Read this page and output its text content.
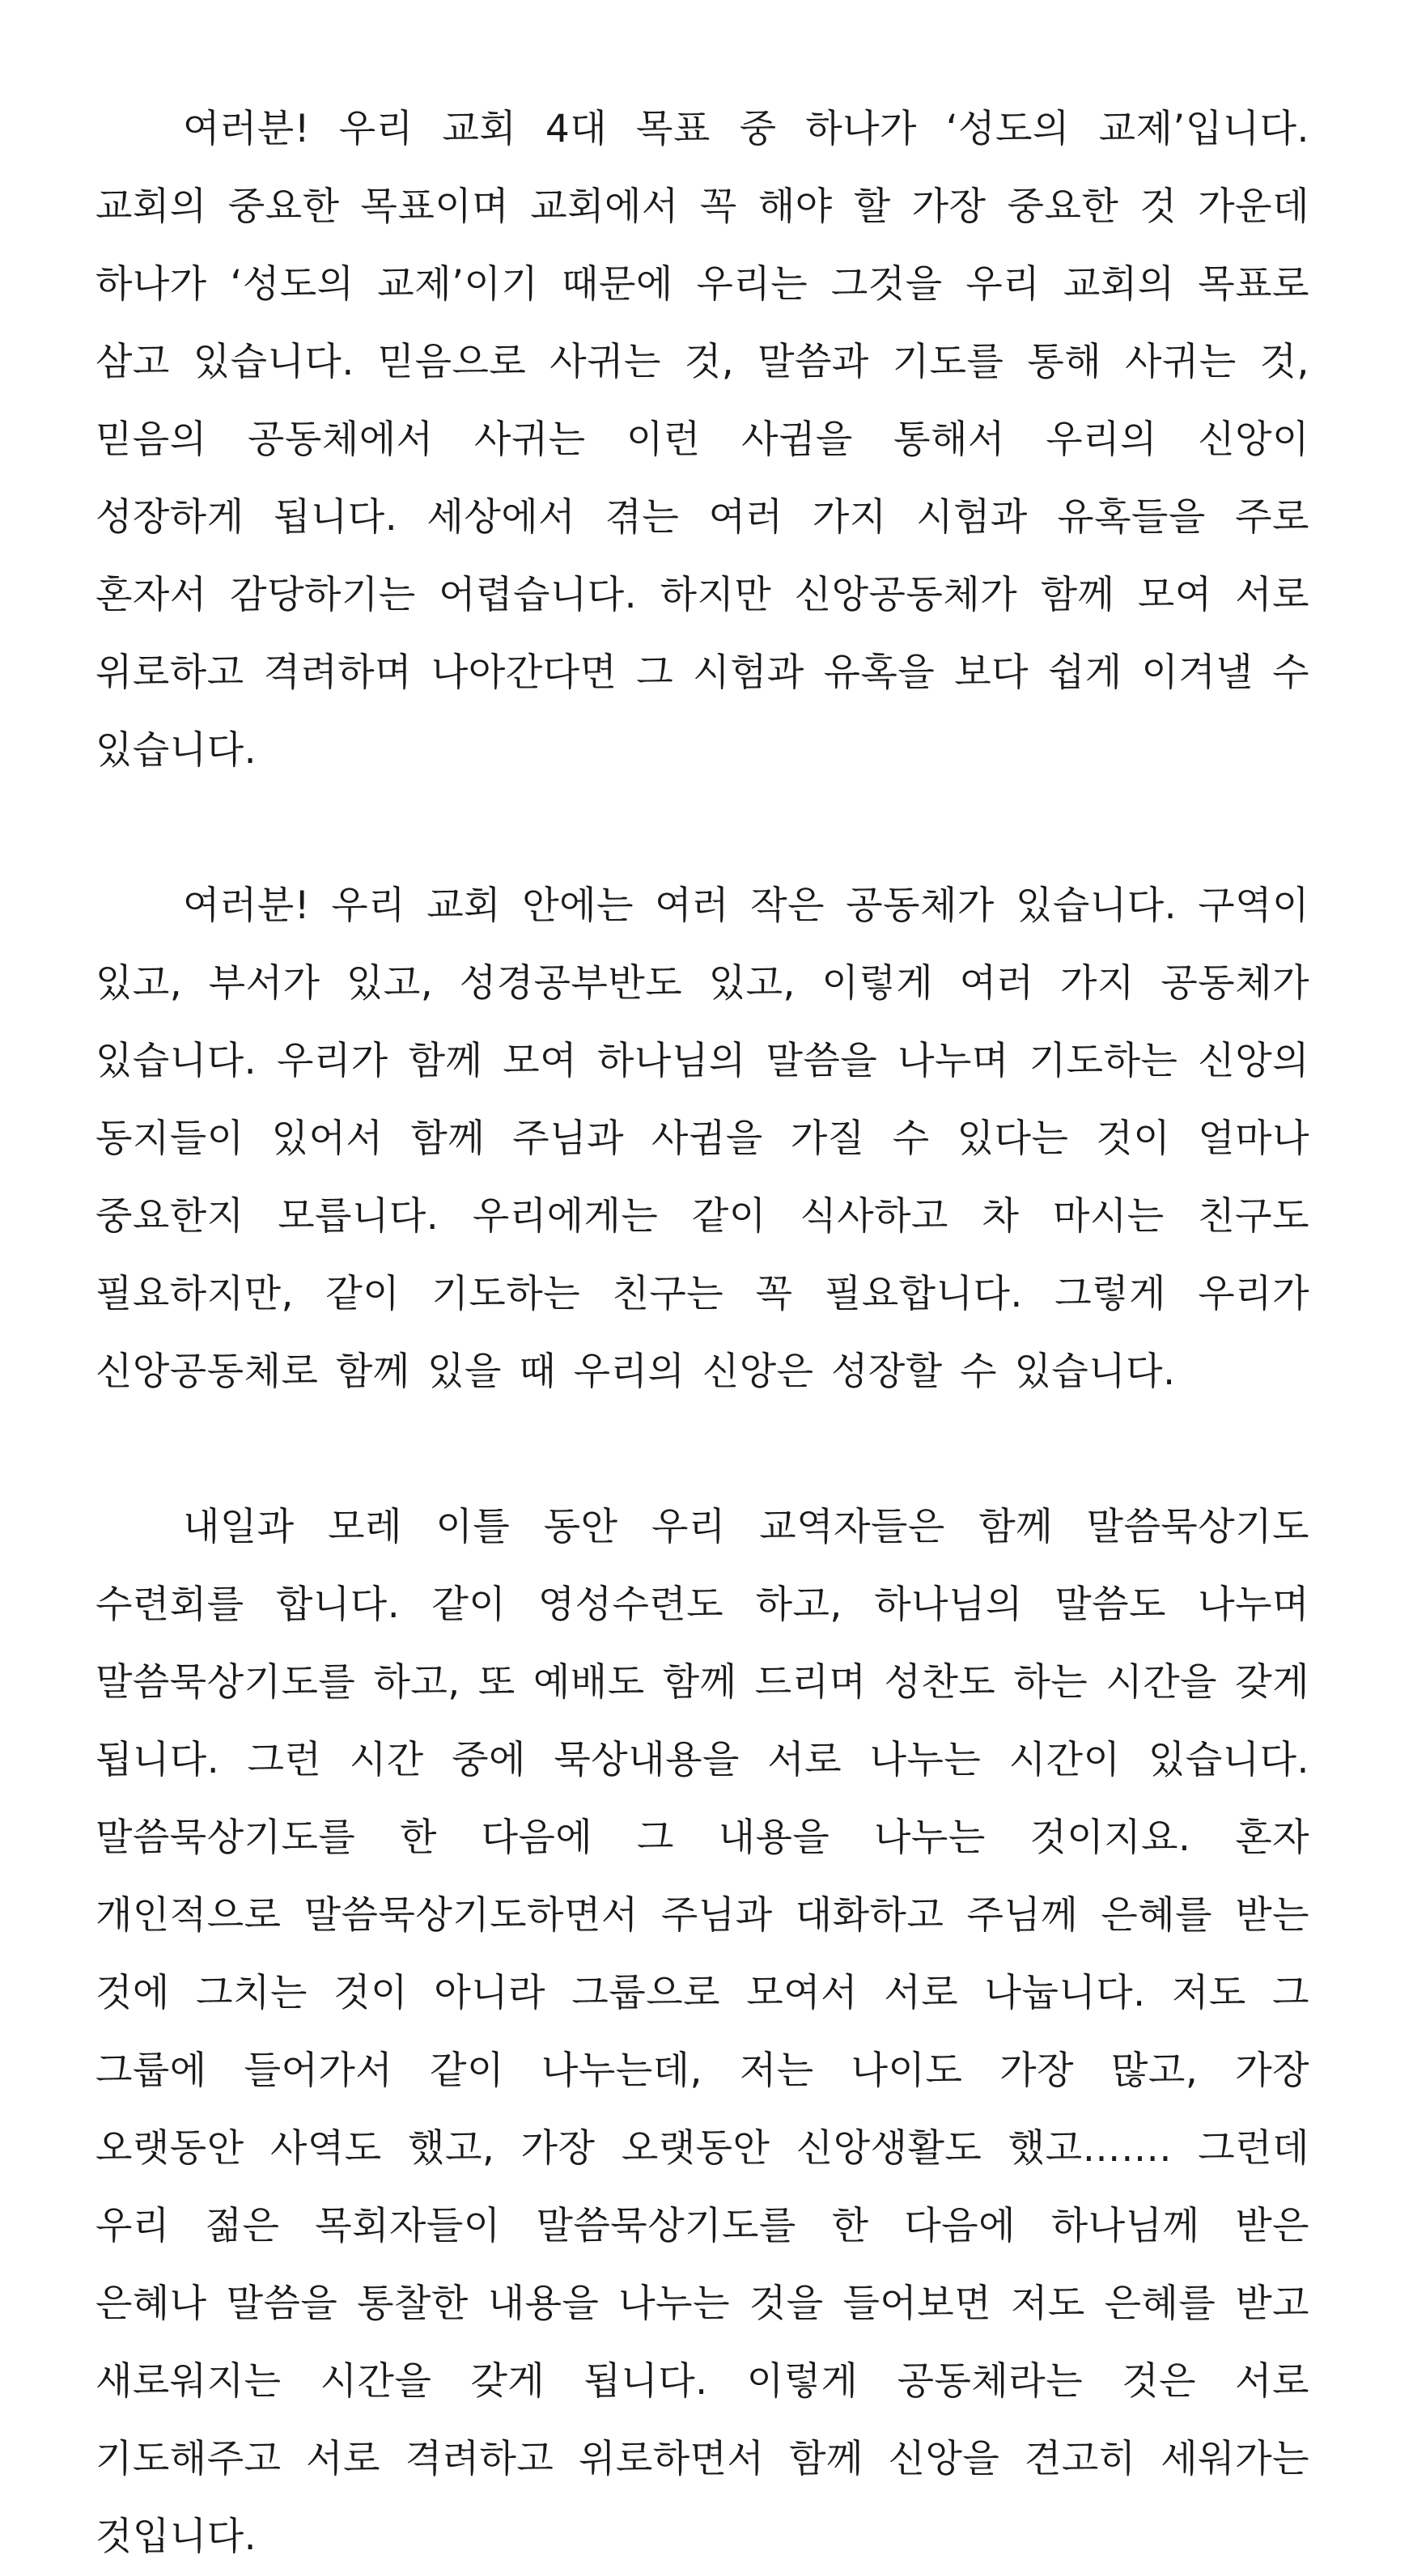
여러분! 우리 교회 4대 목표 중 하나가 ‘성도의 교제’입니다. 교회의 중요한 목표이며 교회에서 꼭 해야 할 가장 중요한 것 가운데 하나가 ‘성도의 교제’이기 때문에 우리는 그것을 우리 교회의 목표로 삼고 있습니다. 믿음으로 사귀는 것, 말씀과 기도를 통해 사귀는 것, 믿음의 공동체에서 사귀는 이런 사귐을 통해서 우리의 신앙이 성장하게 됩니다. 세상에서 겪는 여러 가지 시험과 유혹들을 주로 혼자서 감당하기는 어렵습니다. 하지만 신앙공동체가 함께 모여 서로 위로하고 격려하며 나아간다면 그 시험과 유혹을 보다 쉽게 이겨낼 수 있습니다.

여러분! 우리 교회 안에는 여러 작은 공동체가 있습니다. 구역이 있고, 부서가 있고, 성경공부반도 있고, 이렇게 여러 가지 공동체가 있습니다. 우리가 함께 모여 하나님의 말씀을 나누며 기도하는 신앙의 동지들이 있어서 함께 주님과 사귐을 가질 수 있다는 것이 얼마나 중요한지 모릅니다. 우리에게는 같이 식사하고 차 마시는 친구도 필요하지만, 같이 기도하는 친구는 꼭 필요합니다. 그렇게 우리가 신앙공동체로 함께 있을 때 우리의 신앙은 성장할 수 있습니다.

내일과 모레 이틀 동안 우리 교역자들은 함께 말씀묵상기도 수련회를 합니다. 같이 영성수련도 하고, 하나님의 말씀도 나누며 말씀묵상기도를 하고, 또 예배도 함께 드리며 성찬도 하는 시간을 갖게 됩니다. 그런 시간 중에 묵상내용을 서로 나누는 시간이 있습니다. 말씀묵상기도를 한 다음에 그 내용을 나누는 것이지요. 혼자 개인적으로 말씀묵상기도하면서 주님과 대화하고 주님께 은혜를 받는 것에 그치는 것이 아니라 그룹으로 모여서 서로 나눕니다. 저도 그 그룹에 들어가서 같이 나누는데, 저는 나이도 가장 많고, 가장 오랫동안 사역도 했고, 가장 오랫동안 신앙생활도 했고……. 그런데 우리 젊은 목회자들이 말씀묵상기도를 한 다음에 하나님께 받은 은혜나 말씀을 통찰한 내용을 나누는 것을 들어보면 저도 은혜를 받고 새로워지는 시간을 갖게 됩니다. 이렇게 공동체라는 것은 서로 기도해주고 서로 격려하고 위로하면서 함께 신앙을 견고히 세워가는 것입니다.
